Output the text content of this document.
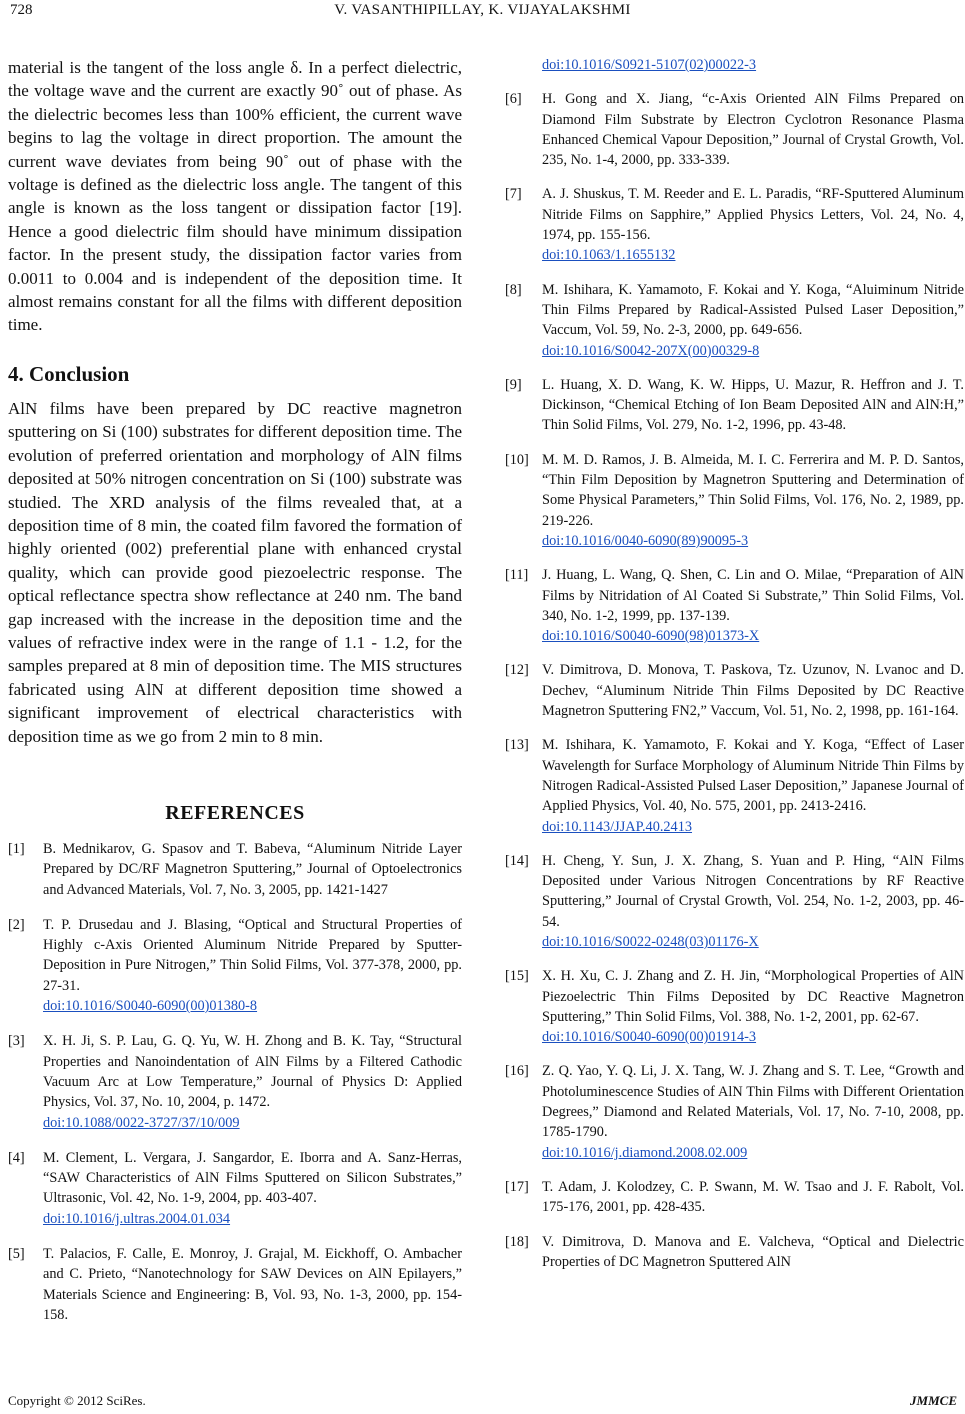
728	V. VASANTHIPILLAY, K. VIJAYALAKSHMI

material is the tangent of the loss angle δ. In a perfect dielectric, the voltage wave and the current are exactly 90˚ out of phase. As the dielectric becomes less than 100% efficient, the current wave begins to lag the voltage in direct proportion. The amount the current wave deviates from being 90˚ out of phase with the voltage is defined as the dielectric loss angle. The tangent of this angle is known as the loss tangent or dissipation factor [19]. Hence a good dielectric film should have minimum dissipation factor. In the present study, the dissipation factor varies from 0.0011 to 0.004 and is independent of the deposition time. It almost remains constant for all the films with different deposition time.

4. Conclusion

AlN films have been prepared by DC reactive magnetron sputtering on Si (100) substrates for different deposition time. The evolution of preferred orientation and morphology of AlN films deposited at 50% nitrogen concentration on Si (100) substrate was studied. The XRD analysis of the films revealed that, at a deposition time of 8 min, the coated film favored the formation of highly oriented (002) preferential plane with enhanced crystal quality, which can provide good piezoelectric response. The optical reflectance spectra show reflectance at 240 nm. The band gap increased with the increase in the deposition time and the values of refractive index were in the range of 1.1 - 1.2, for the samples prepared at 8 min of deposition time. The MIS structures fabricated using AlN at different deposition time showed a significant improvement of electrical characteristics with deposition time as we go from 2 min to 8 min.

REFERENCES
[1] B. Mednikarov, G. Spasov and T. Babeva, “Aluminum Nitride Layer Prepared by DC/RF Magnetron Sputtering,” Journal of Optoelectronics and Advanced Materials, Vol. 7, No. 3, 2005, pp. 1421-1427
[2] T. P. Drusedau and J. Blasing, “Optical and Structural Properties of Highly c-Axis Oriented Aluminum Nitride Prepared by Sputter-Deposition in Pure Nitrogen,” Thin Solid Films, Vol. 377-378, 2000, pp. 27-31.
doi:10.1016/S0040-6090(00)01380-8
[3] X. H. Ji, S. P. Lau, G. Q. Yu, W. H. Zhong and B. K. Tay, “Structural Properties and Nanoindentation of AlN Films by a Filtered Cathodic Vacuum Arc at Low Temperature,” Journal of Physics D: Applied Physics, Vol. 37, No. 10, 2004, p. 1472.
doi:10.1088/0022-3727/37/10/009
[4] M. Clement, L. Vergara, J. Sangardor, E. Iborra and A. Sanz-Herras, “SAW Characteristics of AlN Films Sputtered on Silicon Substrates,” Ultrasonic, Vol. 42, No. 1-9, 2004, pp. 403-407.
doi:10.1016/j.ultras.2004.01.034
[5] T. Palacios, F. Calle, E. Monroy, J. Grajal, M. Eickhoff, O. Ambacher and C. Prieto, “Nanotechnology for SAW Devices on AlN Epilayers,” Materials Science and Engineering: B, Vol. 93, No. 1-3, 2000, pp. 154-158.
doi:10.1016/S0921-5107(02)00022-3
[6] H. Gong and X. Jiang, “c-Axis Oriented AlN Films Prepared on Diamond Film Substrate by Electron Cyclotron Resonance Plasma Enhanced Chemical Vapour Deposition,” Journal of Crystal Growth, Vol. 235, No. 1-4, 2000, pp. 333-339.
[7] A. J. Shuskus, T. M. Reeder and E. L. Paradis, “RF-Sputtered Aluminum Nitride Films on Sapphire,” Applied Physics Letters, Vol. 24, No. 4, 1974, pp. 155-156.
doi:10.1063/1.1655132
[8] M. Ishihara, K. Yamamoto, F. Kokai and Y. Koga, “Aluiminum Nitride Thin Films Prepared by Radical-Assisted Pulsed Laser Deposition,” Vaccum, Vol. 59, No. 2-3, 2000, pp. 649-656.
doi:10.1016/S0042-207X(00)00329-8
[9] L. Huang, X. D. Wang, K. W. Hipps, U. Mazur, R. Heffron and J. T. Dickinson, “Chemical Etching of Ion Beam Deposited AlN and AlN:H,” Thin Solid Films, Vol. 279, No. 1-2, 1996, pp. 43-48.
[10] M. M. D. Ramos, J. B. Almeida, M. I. C. Ferrerira and M. P. D. Santos, “Thin Film Deposition by Magnetron Sputtering and Determination of Some Physical Parameters,” Thin Solid Films, Vol. 176, No. 2, 1989, pp. 219-226.
doi:10.1016/0040-6090(89)90095-3
[11] J. Huang, L. Wang, Q. Shen, C. Lin and O. Milae, “Preparation of AlN Films by Nitridation of Al Coated Si Substrate,” Thin Solid Films, Vol. 340, No. 1-2, 1999, pp. 137-139.
doi:10.1016/S0040-6090(98)01373-X
[12] V. Dimitrova, D. Monova, T. Paskova, Tz. Uzunov, N. Lvanoc and D. Dechev, “Aluminum Nitride Thin Films Deposited by DC Reactive Magnetron Sputtering FN2,” Vaccum, Vol. 51, No. 2, 1998, pp. 161-164.
[13] M. Ishihara, K. Yamamoto, F. Kokai and Y. Koga, “Effect of Laser Wavelength for Surface Morphology of Aluminum Nitride Thin Films by Nitrogen Radical-Assisted Pulsed Laser Deposition,” Japanese Journal of Applied Physics, Vol. 40, No. 575, 2001, pp. 2413-2416.
doi:10.1143/JJAP.40.2413
[14] H. Cheng, Y. Sun, J. X. Zhang, S. Yuan and P. Hing, “AlN Films Deposited under Various Nitrogen Concentrations by RF Reactive Sputtering,” Journal of Crystal Growth, Vol. 254, No. 1-2, 2003, pp. 46-54.
doi:10.1016/S0022-0248(03)01176-X
[15] X. H. Xu, C. J. Zhang and Z. H. Jin, “Morphological Properties of AlN Piezoelectric Thin Films Deposited by DC Reactive Magnetron Sputtering,” Thin Solid Films, Vol. 388, No. 1-2, 2001, pp. 62-67.
doi:10.1016/S0040-6090(00)01914-3
[16] Z. Q. Yao, Y. Q. Li, J. X. Tang, W. J. Zhang and S. T. Lee, “Growth and Photoluminescence Studies of AlN Thin Films with Different Orientation Degrees,” Diamond and Related Materials, Vol. 17, No. 7-10, 2008, pp. 1785-1790.
doi:10.1016/j.diamond.2008.02.009
[17] T. Adam, J. Kolodzey, C. P. Swann, M. W. Tsao and J. F. Rabolt, Vol. 175-176, 2001, pp. 428-435.
[18] V. Dimitrova, D. Manova and E. Valcheva, “Optical and Dielectric Properties of DC Magnetron Sputtered AlN
Copyright © 2012 SciRes.	JMMCE
